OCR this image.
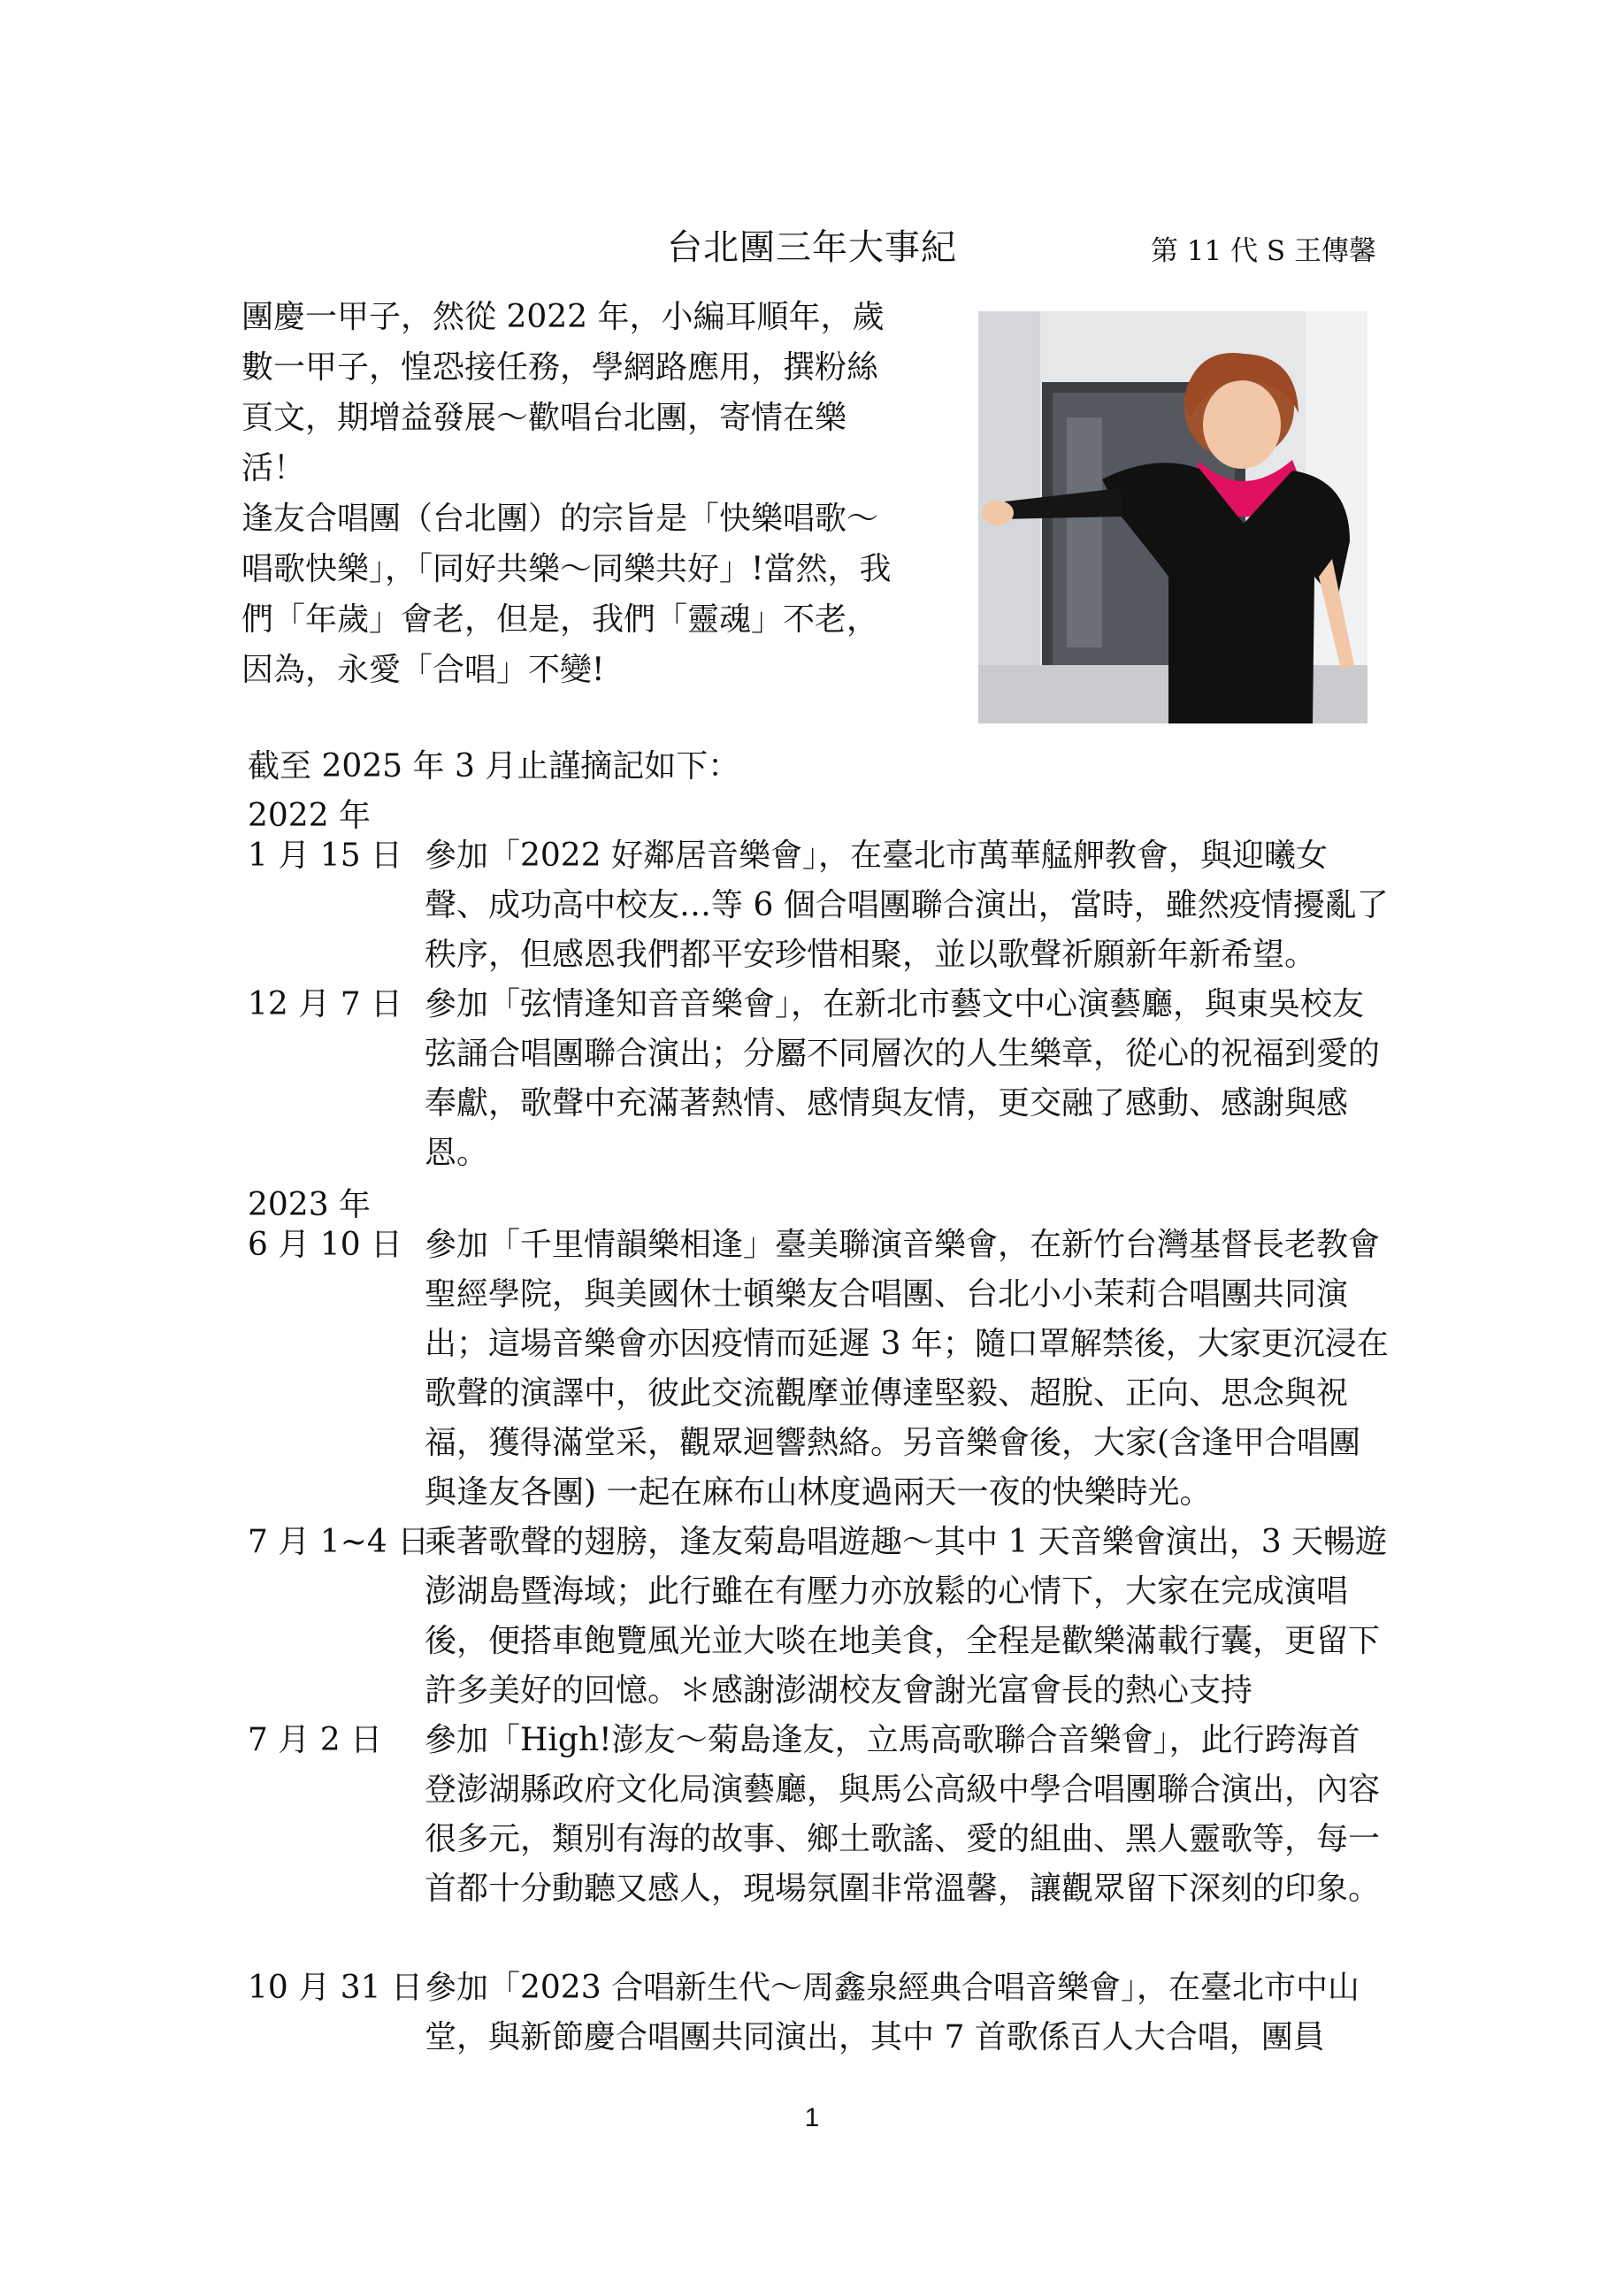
台北團三年大事紀	第 11 代 S 王傳馨

團慶一甲子，然從 2022 年，小編耳順年，歲數一甲子，惶恐接任務，學網路應用，撰粉絲頁文，期增益發展～歡唱台北團，寄情在樂活！

逢友合唱團（台北團）的宗旨是「快樂唱歌～唱歌快樂」，「同好共樂～同樂共好」!當然，我們「年歲」會老，但是，我們「靈魂」不老，因為，永愛「合唱」不變!

截至 2025 年 3 月止謹摘記如下：
2022 年
1 月 15 日 參加「2022 好鄰居音樂會」，在臺北市萬華艋舺教會，與迎曦女聲、成功高中校友…等 6 個合唱團聯合演出，當時，雖然疫情擾亂了秩序，但感恩我們都平安珍惜相聚，並以歌聲祈願新年新希望。
12 月 7 日 參加「弦情逢知音音樂會」，在新北市藝文中心演藝廳，與東吳校友弦誦合唱團聯合演出；分屬不同層次的人生樂章，從心的祝福到愛的奉獻，歌聲中充滿著熱情、感情與友情，更交融了感動、感謝與感恩。
2023 年
6 月 10 日 參加「千里情韻樂相逢」臺美聯演音樂會，在新竹台灣基督長老教會聖經學院，與美國休士頓樂友合唱團、台北小小茉莉合唱團共同演出；這場音樂會亦因疫情而延遲 3 年；隨口罩解禁後，大家更沉浸在歌聲的演譯中，彼此交流觀摩並傳達堅毅、超脫、正向、思念與祝福，獲得滿堂采，觀眾迴響熱絡。另音樂會後，大家(含逢甲合唱團與逢友各團) 一起在麻布山林度過兩天一夜的快樂時光。
7 月 1~4 日
乘著歌聲的翅膀，逢友菊島唱遊趣～其中 1 天音樂會演出，3 天暢遊澎湖島暨海域；此行雖在有壓力亦放鬆的心情下，大家在完成演唱後，便搭車飽覽風光並大啖在地美食，全程是歡樂滿載行囊，更留下許多美好的回憶。＊感謝澎湖校友會謝光富會長的熱心支持
7 月 2 日 參加「High!澎友～菊島逢友，立馬高歌聯合音樂會」，此行跨海首登澎湖縣政府文化局演藝廳，與馬公高級中學合唱團聯合演出，內容很多元，類別有海的故事、鄉土歌謠、愛的組曲、黑人靈歌等，每一首都十分動聽又感人，現場氛圍非常溫馨，讓觀眾留下深刻的印象。
10 月 31 日 參加「2023 合唱新生代～周鑫泉經典合唱音樂會」，在臺北市中山堂，與新節慶合唱團共同演出，其中 7 首歌係百人大合唱，團員
1
